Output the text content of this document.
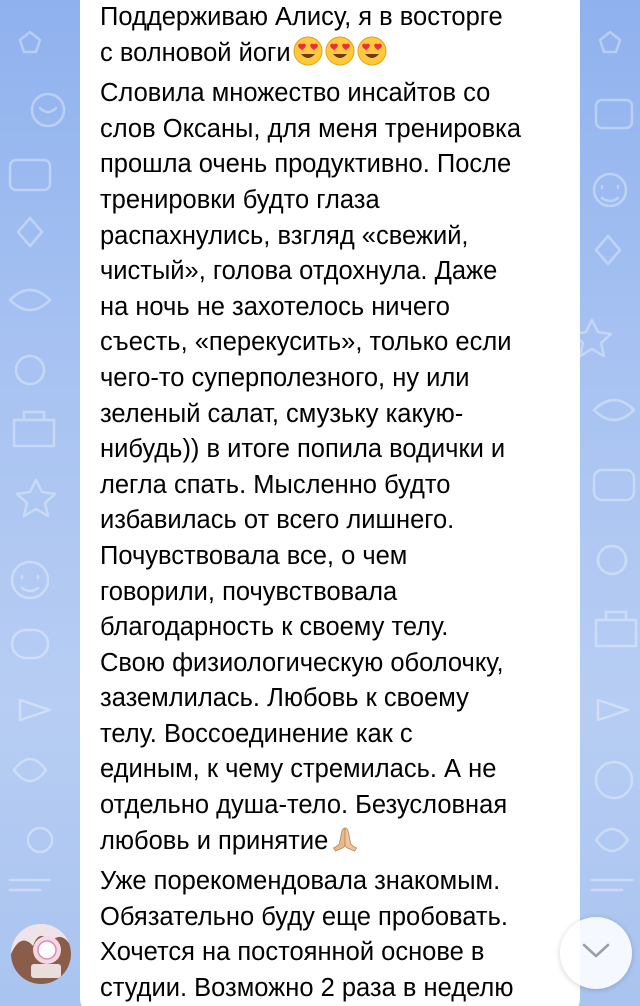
Поддерживаю Алису, я в восторге
с волновой йоги
Словила множество инсайтов со
слов Оксаны, для меня тренировка
прошла очень продуктивно. После
тренировки будто глаза
распахнулись, взгляд «свежий,
чистый», голова отдохнула. Даже
на ночь не захотелось ничего
съесть, «перекусить», только если
чего-то суперполезного, ну или
зеленый салат, смузьку какую-
нибудь)) в итоге попила водички и
легла спать. Мысленно будто
избавилась от всего лишнего.
Почувствовала все, о чем
говорили, почувствовала
благодарность к своему телу.
Свою физиологическую оболочку,
заземлилась. Любовь к своему
телу. Воссоединение как с
единым, к чему стремилась. А не
отдельно душа-тело. Безусловная
любовь и принятие
Уже порекомендовала знакомым.
Обязательно буду еще пробовать.
Хочется на постоянной основе в
студии. Возможно 2 раза в неделю
